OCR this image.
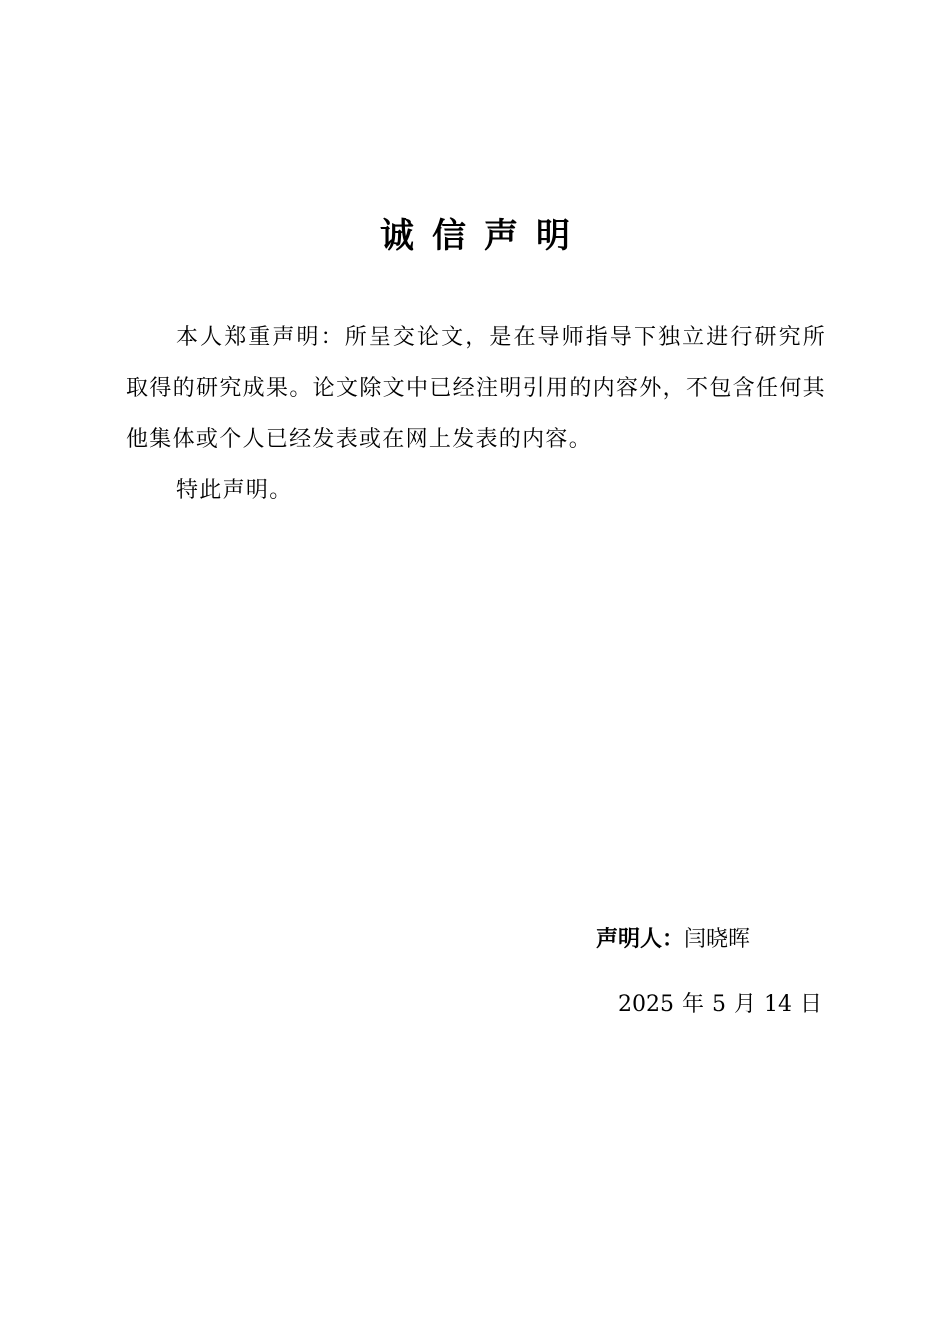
诚信声明

本人郑重声明：所呈交论文，是在导师指导下独立进行研究所取得的研究成果。论文除文中已经注明引用的内容外，不包含任何其他集体或个人已经发表或在网上发表的内容。

特此声明。

声明人：闫晓晖
2025 年 5 月 14 日
